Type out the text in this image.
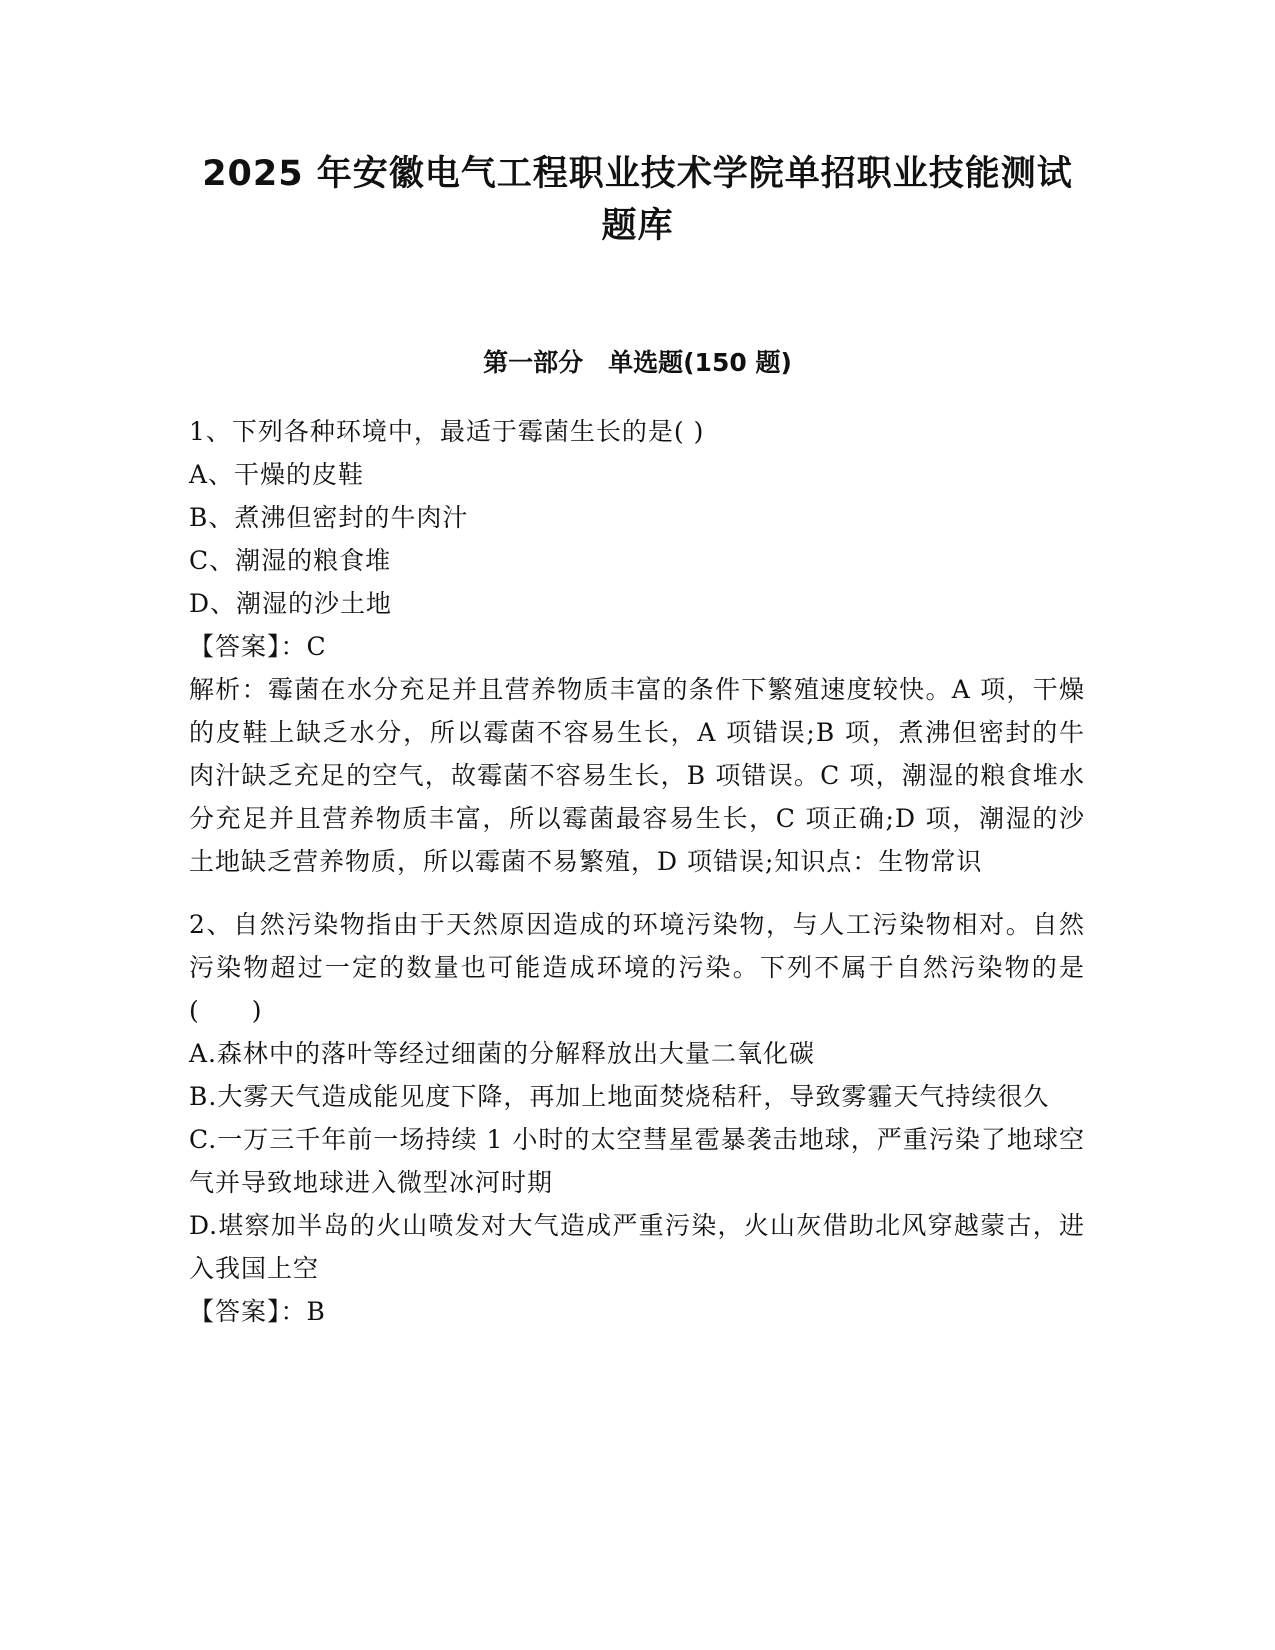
2025 年安徽电气工程职业技术学院单招职业技能测试
题库
第一部分　单选题(150 题)
1、下列各种环境中，最适于霉菌生长的是( )
A、干燥的皮鞋
B、煮沸但密封的牛肉汁
C、潮湿的粮食堆
D、潮湿的沙土地
【答案】：C
解析：霉菌在水分充足并且营养物质丰富的条件下繁殖速度较快。A 项，干燥的皮鞋上缺乏水分，所以霉菌不容易生长，A 项错误;B 项，煮沸但密封的牛肉汁缺乏充足的空气，故霉菌不容易生长，B 项错误。C 项，潮湿的粮食堆水分充足并且营养物质丰富，所以霉菌最容易生长，C 项正确;D 项，潮湿的沙土地缺乏营养物质，所以霉菌不易繁殖，D 项错误;知识点：生物常识
2、自然污染物指由于天然原因造成的环境污染物，与人工污染物相对。自然污染物超过一定的数量也可能造成环境的污染。下列不属于自然污染物的是(　　)
A.森林中的落叶等经过细菌的分解释放出大量二氧化碳
B.大雾天气造成能见度下降，再加上地面焚烧秸秆，导致雾霾天气持续很久
C.一万三千年前一场持续 1 小时的太空彗星雹暴袭击地球，严重污染了地球空气并导致地球进入微型冰河时期
D.堪察加半岛的火山喷发对大气造成严重污染，火山灰借助北风穿越蒙古，进入我国上空
【答案】：B
